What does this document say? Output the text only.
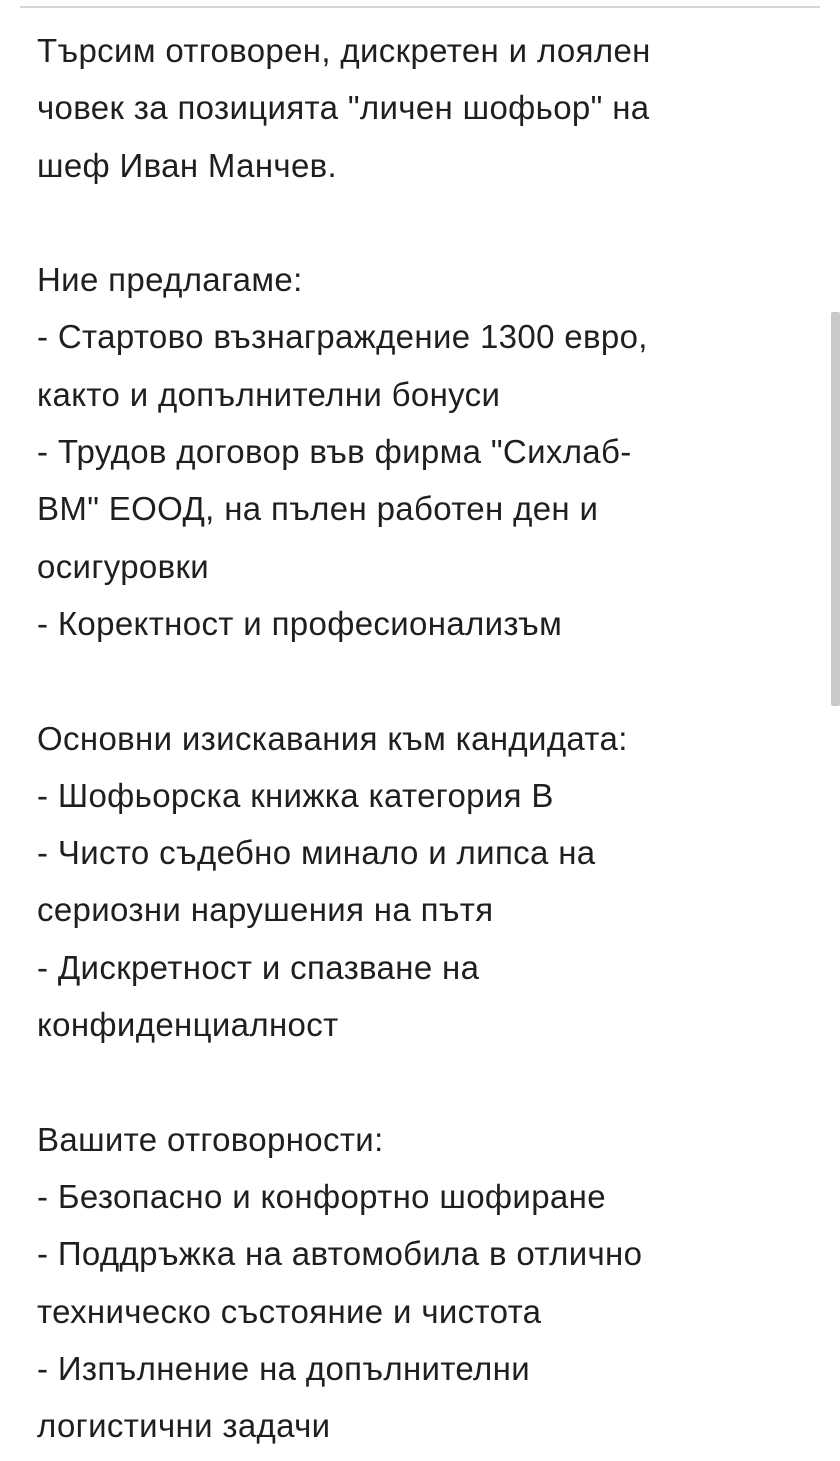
Търсим отговорен, дискретен и лоялен
човек за позицията "личен шофьор" на
шеф Иван Манчев.
Ние предлагаме:
- Стартово възнаграждение 1300 евро,
както и допълнителни бонуси
- Трудов договор във фирма "Сихлаб-
ВМ" ЕООД, на пълен работен ден и
осигуровки
- Коректност и професионализъм
Основни изискавания към кандидата:
- Шофьорска книжка категория В
- Чисто съдебно минало и липса на
сериозни нарушения на пътя
- Дискретност и спазване на
конфиденциалност
Вашите отговорности:
- Безопасно и конфортно шофиране
- Поддръжка на автомобила в отлично
техническо състояние и чистота
- Изпълнение на допълнителни
логистични задачи
